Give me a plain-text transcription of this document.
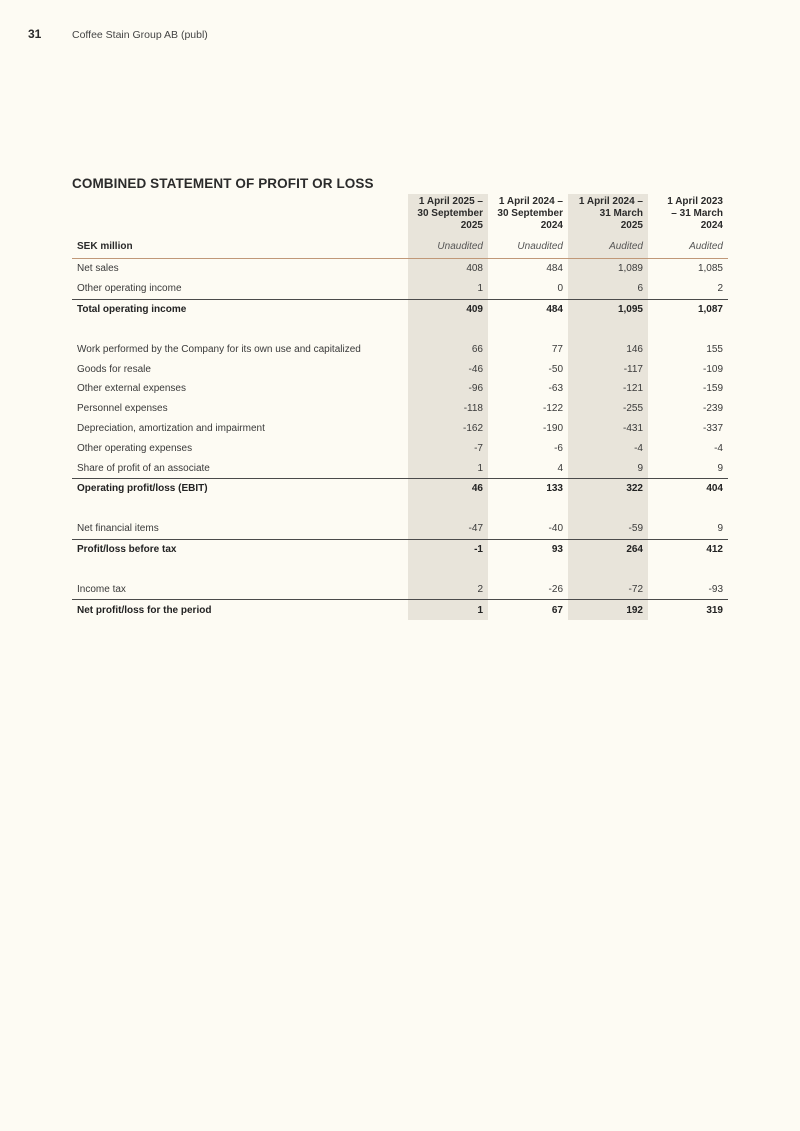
31	Coffee Stain Group AB (publ)
COMBINED STATEMENT OF PROFIT OR LOSS

	1 April 2025 –
30 September
2025	1 April 2024 –
30 September
2024	1 April 2024 –
31 March
2025	1 April 2023
– 31 March
2024

SEK million	Unaudited	Unaudited	Audited	Audited
Net sales	408	484	1,089	1,085
Other operating income	1	0	6	2
Total operating income	409	484	1,095	1,087

Work performed by the Company for its own use and capitalized	66	77	146	155
Goods for resale	-46	-50	-117	-109
Other external expenses	-96	-63	-121	-159
Personnel expenses	-118	-122	-255	-239
Depreciation, amortization and impairment	-162	-190	-431	-337
Other operating expenses	-7	-6	-4	-4
Share of profit of an associate	1	4	9	9
Operating profit/loss (EBIT)	46	133	322	404

Net financial items	-47	-40	-59	9
Profit/loss before tax	-1	93	264	412

Income tax	2	-26	-72	-93
Net profit/loss for the period	1	67	192	319
